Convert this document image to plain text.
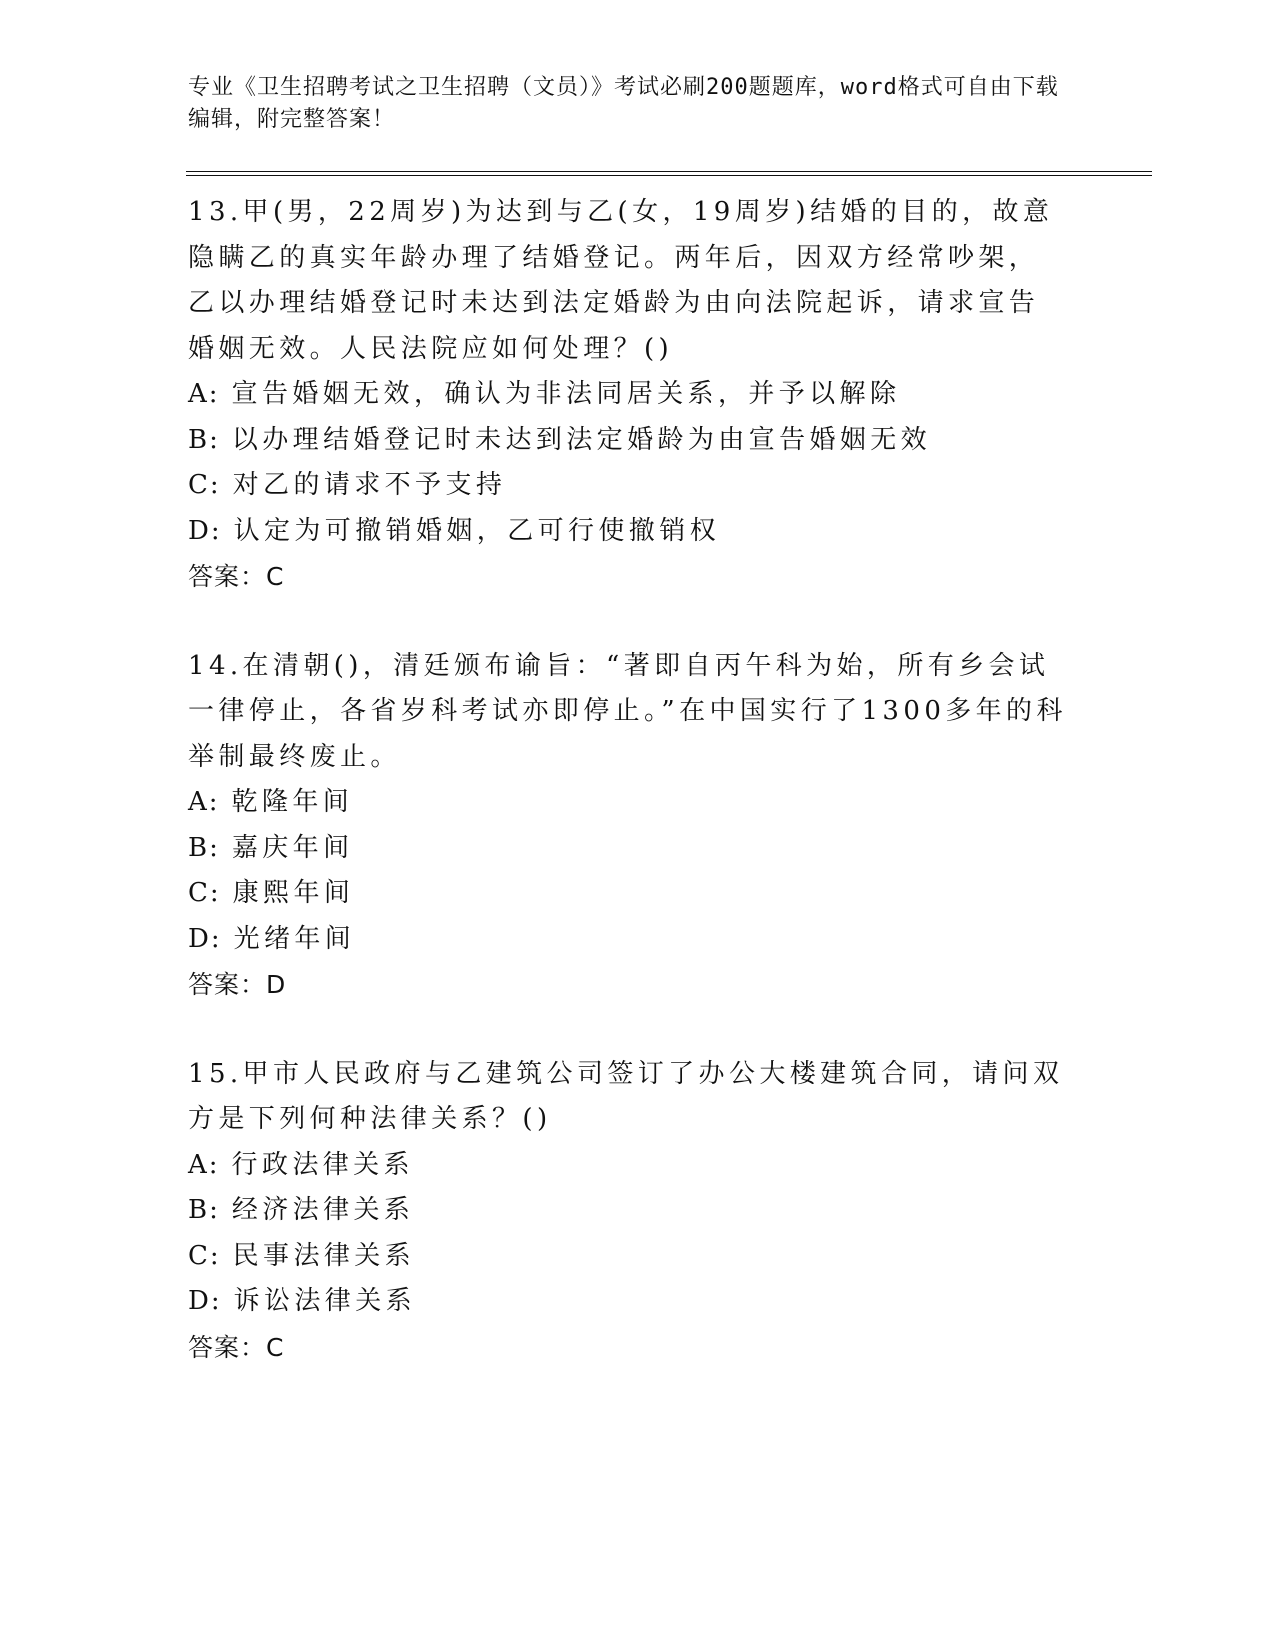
专业《卫生招聘考试之卫生招聘（文员）》考试必刷200题题库，word格式可自由下载编辑，附完整答案！

13.甲(男，22周岁)为达到与乙(女，19周岁)结婚的目的，故意隐瞒乙的真实年龄办理了结婚登记。两年后，因双方经常吵架，乙以办理结婚登记时未达到法定婚龄为由向法院起诉，请求宣告婚姻无效。人民法院应如何处理？()

A: 宣告婚姻无效，确认为非法同居关系，并予以解除
B: 以办理结婚登记时未达到法定婚龄为由宣告婚姻无效
C: 对乙的请求不予支持
D: 认定为可撤销婚姻，乙可行使撤销权

答案：C

14.在清朝()，清廷颁布谕旨：“著即自丙午科为始，所有乡会试一律停止，各省岁科考试亦即停止。”在中国实行了1300多年的科举制最终废止。

A: 乾隆年间
B: 嘉庆年间
C: 康熙年间
D: 光绪年间

答案：D

15.甲市人民政府与乙建筑公司签订了办公大楼建筑合同，请问双方是下列何种法律关系？()

A: 行政法律关系
B: 经济法律关系
C: 民事法律关系
D: 诉讼法律关系

答案：C
